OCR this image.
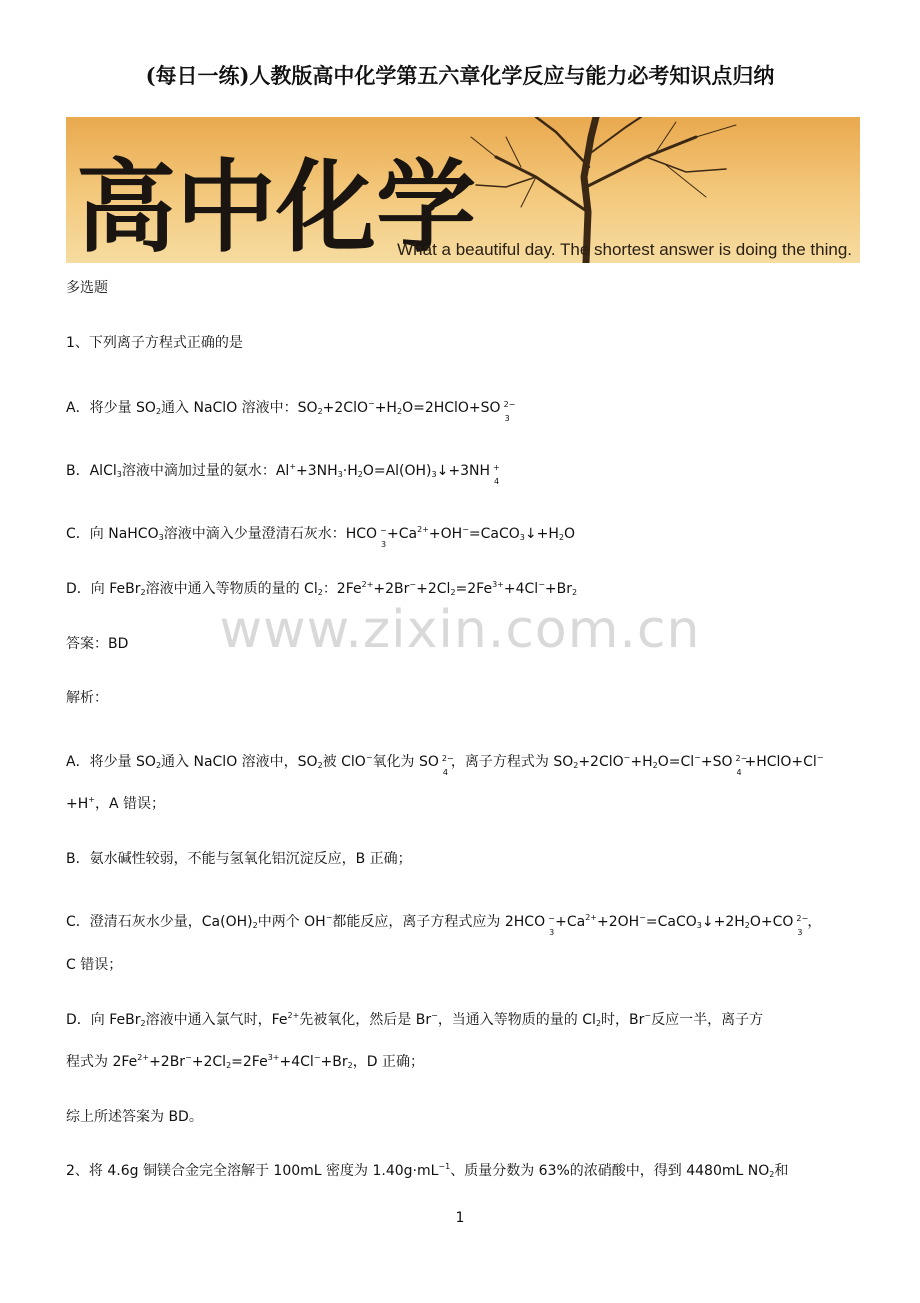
(每日一练)人教版高中化学第五六章化学反应与能力必考知识点归纳
高中化学
What a beautiful day. The shortest answer is doing the thing.
www.zixin.com.cn
多选题
1、下列离子方程式正确的是
A．将少量 $SO_2$通入 NaClO 溶液中：$SO_2+2ClO^-+H_2O=2HClO+SO$ 2−
3
B．AlCl$_3$溶液中滴加过量的氨水：$Al^++3NH_3\cdot H_2O=Al(OH)_3↓+3NH$ +
4
C．向 NaHCO$_3$溶液中滴入少量澄清石灰水：HCO −
3
$+Ca^{2+}+OH^-=CaCO_3↓+H_2O$
D．向 FeBr$_2$溶液中通入等物质的量的 $Cl_2$：$2Fe^{2+}+2Br^-+2Cl_2=2Fe^{3+}+4Cl^-+Br_2$
答案：BD
解析：
A．将少量 $SO_2$通入 NaClO 溶液中，$SO_2$被 ClO−氧化为 SO 2−
4
，离子方程式为 $SO_2+2ClO^-+H_2O=Cl^-+SO$ 2−
4
+HClO+Cl−
+H+，A 错误；
B．氨水碱性较弱，不能与氢氧化铝沉淀反应，B 正确；
C．澄清石灰水少量，$Ca(OH)_2$中两个 OH−都能反应，离子方程式应为 2HCO −
3
$+Ca^{2+}+2OH^-=CaCO_3↓+2H_2O+CO$ 2−
3
，
C 错误；
D．向 FeBr$_2$溶液中通入氯气时，$Fe^{2+}$先被氧化，然后是 Br−，当通入等物质的量的 $Cl_2$时，Br−反应一半，离子方
程式为 $2Fe^{2+}+2Br^-+2Cl_2=2Fe^{3+}+4Cl^-+Br_2$，D 正确；
综上所述答案为 BD。
2、将 4.6g 铜镁合金完全溶解于 100mL 密度为 $1.40g\cdot mL^{-1}$、质量分数为 63%的浓硝酸中，得到 4480mL $NO_2$和
1
